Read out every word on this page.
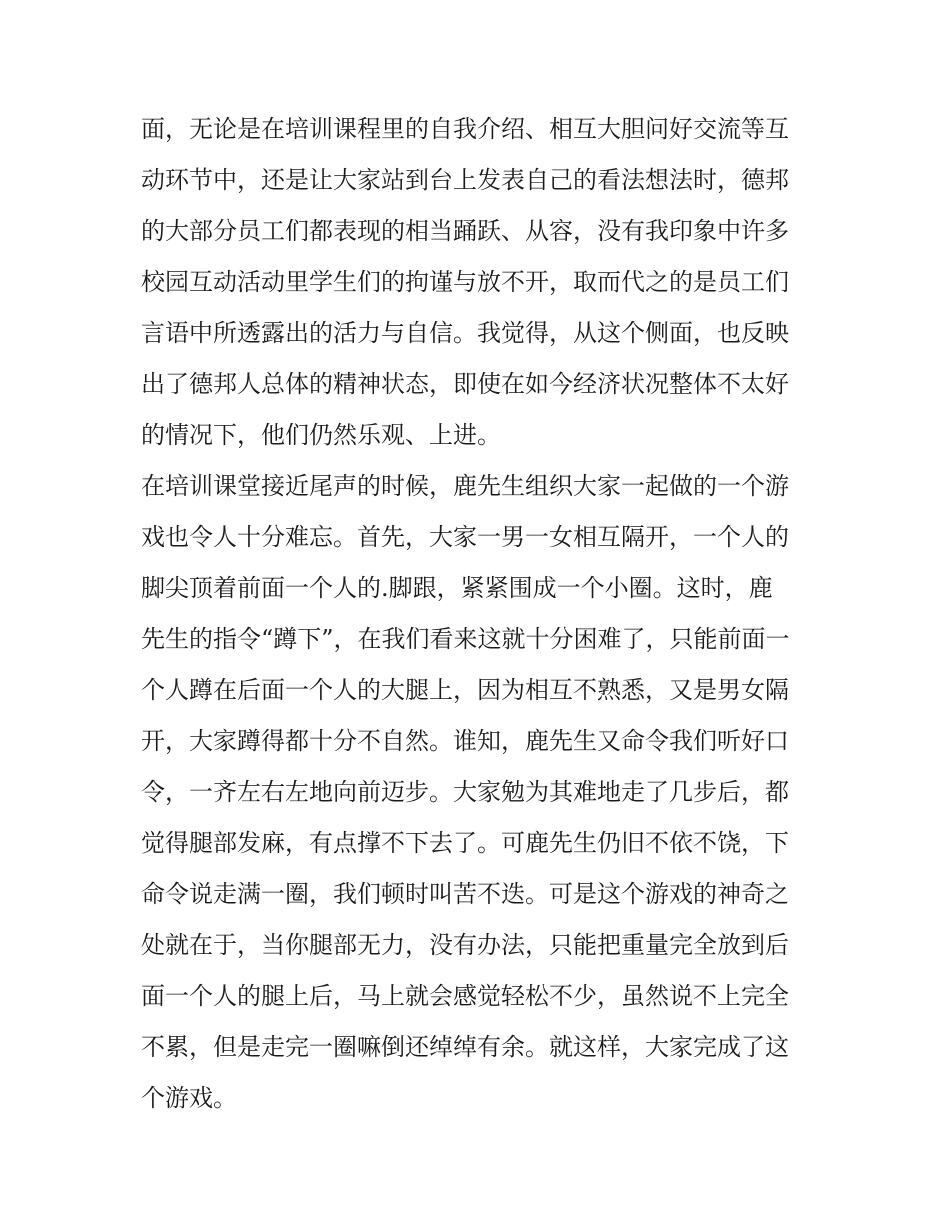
面，无论是在培训课程里的自我介绍、相互大胆问好交流等互
动环节中，还是让大家站到台上发表自己的看法想法时，德邦
的大部分员工们都表现的相当踊跃、从容，没有我印象中许多
校园互动活动里学生们的拘谨与放不开，取而代之的是员工们
言语中所透露出的活力与自信。我觉得，从这个侧面，也反映
出了德邦人总体的精神状态，即使在如今经济状况整体不太好
的情况下，他们仍然乐观、上进。
在培训课堂接近尾声的时候，鹿先生组织大家一起做的一个游
戏也令人十分难忘。首先，大家一男一女相互隔开，一个人的
脚尖顶着前面一个人的.脚跟，紧紧围成一个小圈。这时，鹿
先生的指令“蹲下”，在我们看来这就十分困难了，只能前面一
个人蹲在后面一个人的大腿上，因为相互不熟悉，又是男女隔
开，大家蹲得都十分不自然。谁知，鹿先生又命令我们听好口
令，一齐左右左地向前迈步。大家勉为其难地走了几步后，都
觉得腿部发麻，有点撑不下去了。可鹿先生仍旧不依不饶，下
命令说走满一圈，我们顿时叫苦不迭。可是这个游戏的神奇之
处就在于，当你腿部无力，没有办法，只能把重量完全放到后
面一个人的腿上后，马上就会感觉轻松不少，虽然说不上完全
不累，但是走完一圈嘛倒还绰绰有余。就这样，大家完成了这
个游戏。
